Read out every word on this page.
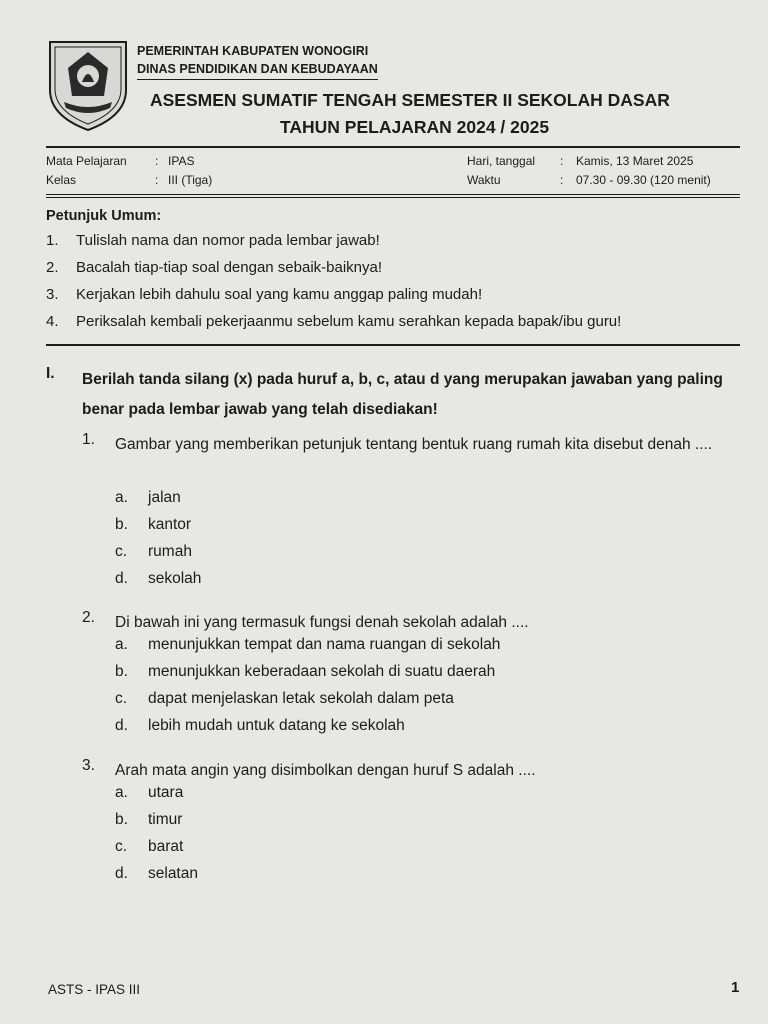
PEMERINTAH KABUPATEN WONOGIRI
DINAS PENDIDIKAN DAN KEBUDAYAAN
ASESMEN SUMATIF TENGAH SEMESTER II SEKOLAH DASAR
TAHUN PELAJARAN 2024 / 2025
Mata Pelajaran : IPAS
Kelas	: III (Tiga)
Hari, tanggal : Kamis, 13 Maret 2025
Waktu	: 07.30 - 09.30 (120 menit)
Petunjuk Umum:
1. Tulislah nama dan nomor pada lembar jawab!
2. Bacalah tiap-tiap soal dengan sebaik-baiknya!
3. Kerjakan lebih dahulu soal yang kamu anggap paling mudah!
4. Periksalah kembali pekerjaanmu sebelum kamu serahkan kepada bapak/ibu guru!
I. Berilah tanda silang (x) pada huruf a, b, c, atau d yang merupakan jawaban yang paling benar pada lembar jawab yang telah disediakan!
1. Gambar yang memberikan petunjuk tentang bentuk ruang rumah kita disebut denah ....
a. jalan
b. kantor
c. rumah
d. sekolah
2. Di bawah ini yang termasuk fungsi denah sekolah adalah ....
a. menunjukkan tempat dan nama ruangan di sekolah
b. menunjukkan keberadaan sekolah di suatu daerah
c. dapat menjelaskan letak sekolah dalam peta
d. lebih mudah untuk datang ke sekolah
3. Arah mata angin yang disimbolkan dengan huruf S adalah ....
a. utara
b. timur
c. barat
d. selatan
ASTS - IPAS III	1
